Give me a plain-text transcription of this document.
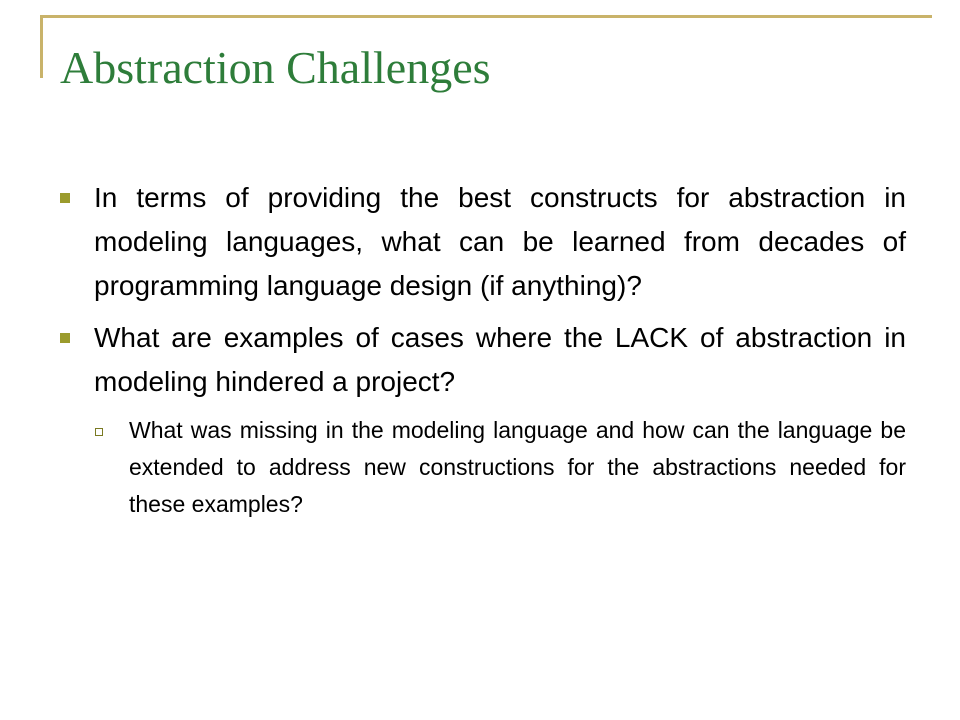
Abstraction Challenges
In terms of providing the best constructs for abstraction in modeling languages, what can be learned from decades of programming language design (if anything)?
What are examples of cases where the LACK of abstraction in modeling hindered a project?
What was missing in the modeling language and how can the language be extended to address new constructions for the abstractions needed for these examples?
